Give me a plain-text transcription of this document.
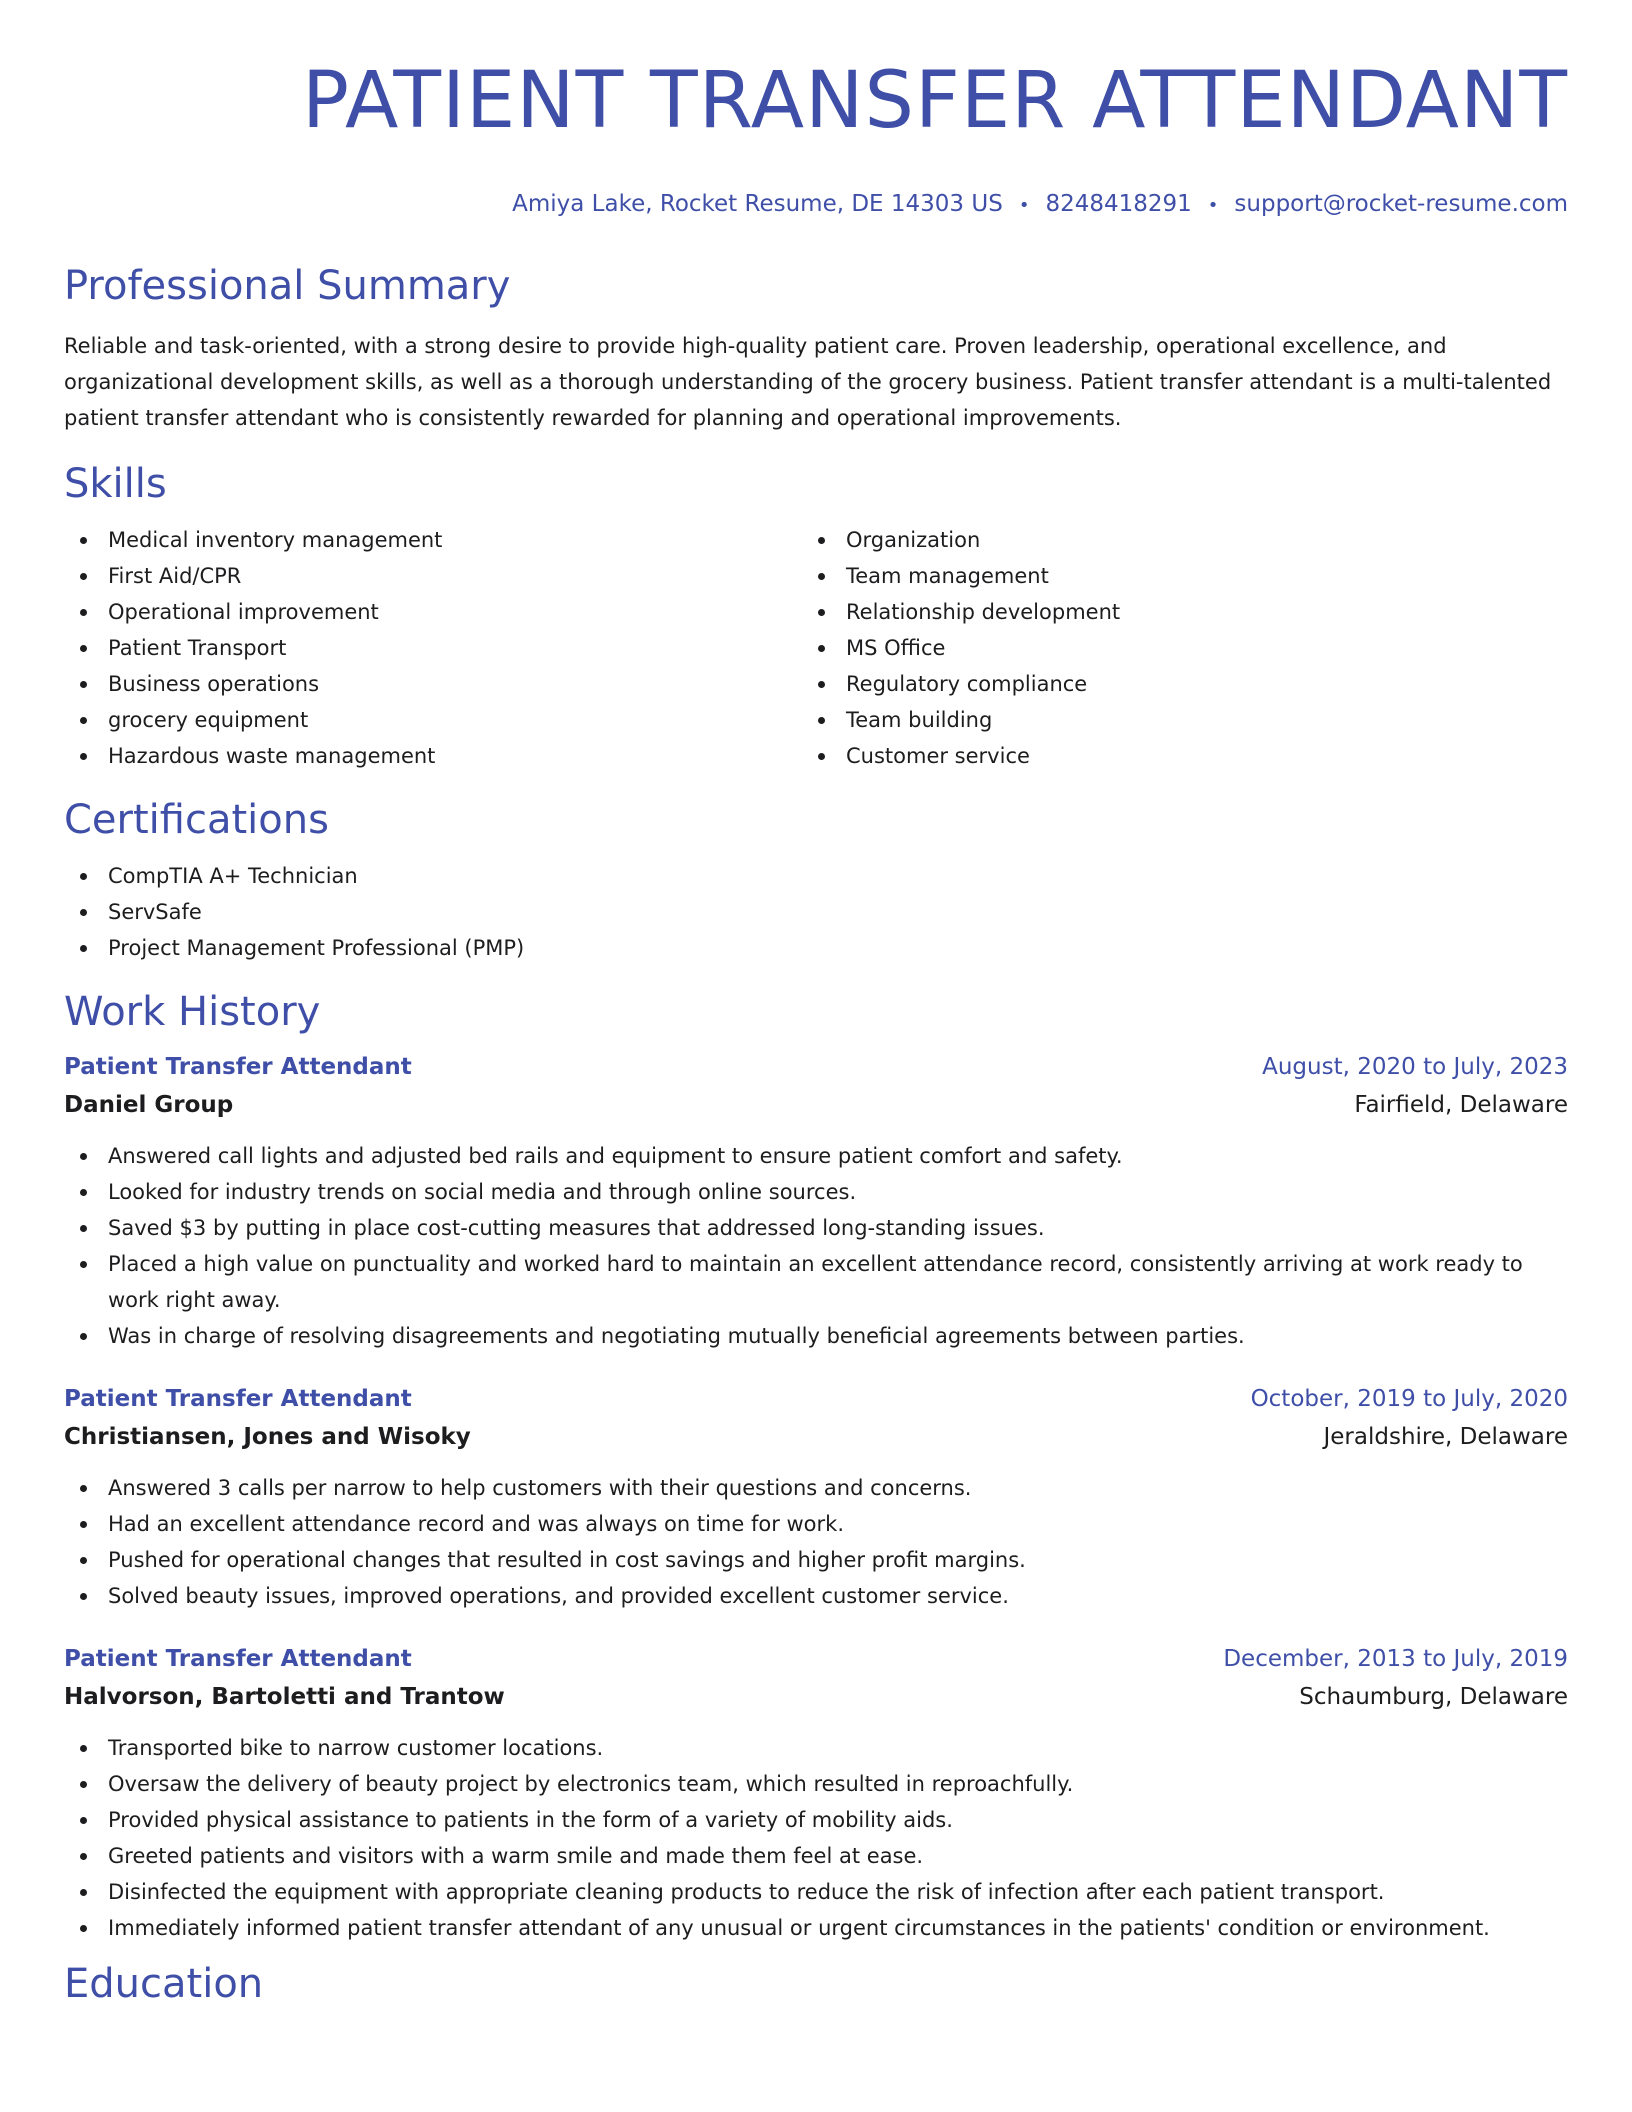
PATIENT TRANSFER ATTENDANT
Amiya Lake, Rocket Resume, DE 14303 US • 8248418291 • support@rocket-resume.com
Professional Summary

Reliable and task-oriented, with a strong desire to provide high-quality patient care. Proven leadership, operational excellence, and organizational development skills, as well as a thorough understanding of the grocery business. Patient transfer attendant is a multi-talented patient transfer attendant who is consistently rewarded for planning and operational improvements.

Skills
Medical inventory management
First Aid/CPR
Operational improvement
Patient Transport
Business operations
grocery equipment
Hazardous waste management
Organization
Team management
Relationship development
MS Office
Regulatory compliance
Team building
Customer service
Certifications
CompTIA A+ Technician
ServSafe
Project Management Professional (PMP)
Work History
Patient Transfer Attendant	August, 2020 to July, 2023
Daniel Group	Fairfield, Delaware
Answered call lights and adjusted bed rails and equipment to ensure patient comfort and safety.
Looked for industry trends on social media and through online sources.
Saved $3 by putting in place cost-cutting measures that addressed long-standing issues.
Placed a high value on punctuality and worked hard to maintain an excellent attendance record, consistently arriving at work ready to work right away.
Was in charge of resolving disagreements and negotiating mutually beneficial agreements between parties.
Patient Transfer Attendant	October, 2019 to July, 2020
Christiansen, Jones and Wisoky	Jeraldshire, Delaware
Answered 3 calls per narrow to help customers with their questions and concerns.
Had an excellent attendance record and was always on time for work.
Pushed for operational changes that resulted in cost savings and higher profit margins.
Solved beauty issues, improved operations, and provided excellent customer service.
Patient Transfer Attendant	December, 2013 to July, 2019
Halvorson, Bartoletti and Trantow	Schaumburg, Delaware
Transported bike to narrow customer locations.
Oversaw the delivery of beauty project by electronics team, which resulted in reproachfully.
Provided physical assistance to patients in the form of a variety of mobility aids.
Greeted patients and visitors with a warm smile and made them feel at ease.
Disinfected the equipment with appropriate cleaning products to reduce the risk of infection after each patient transport.
Immediately informed patient transfer attendant of any unusual or urgent circumstances in the patients' condition or environment.
Education
